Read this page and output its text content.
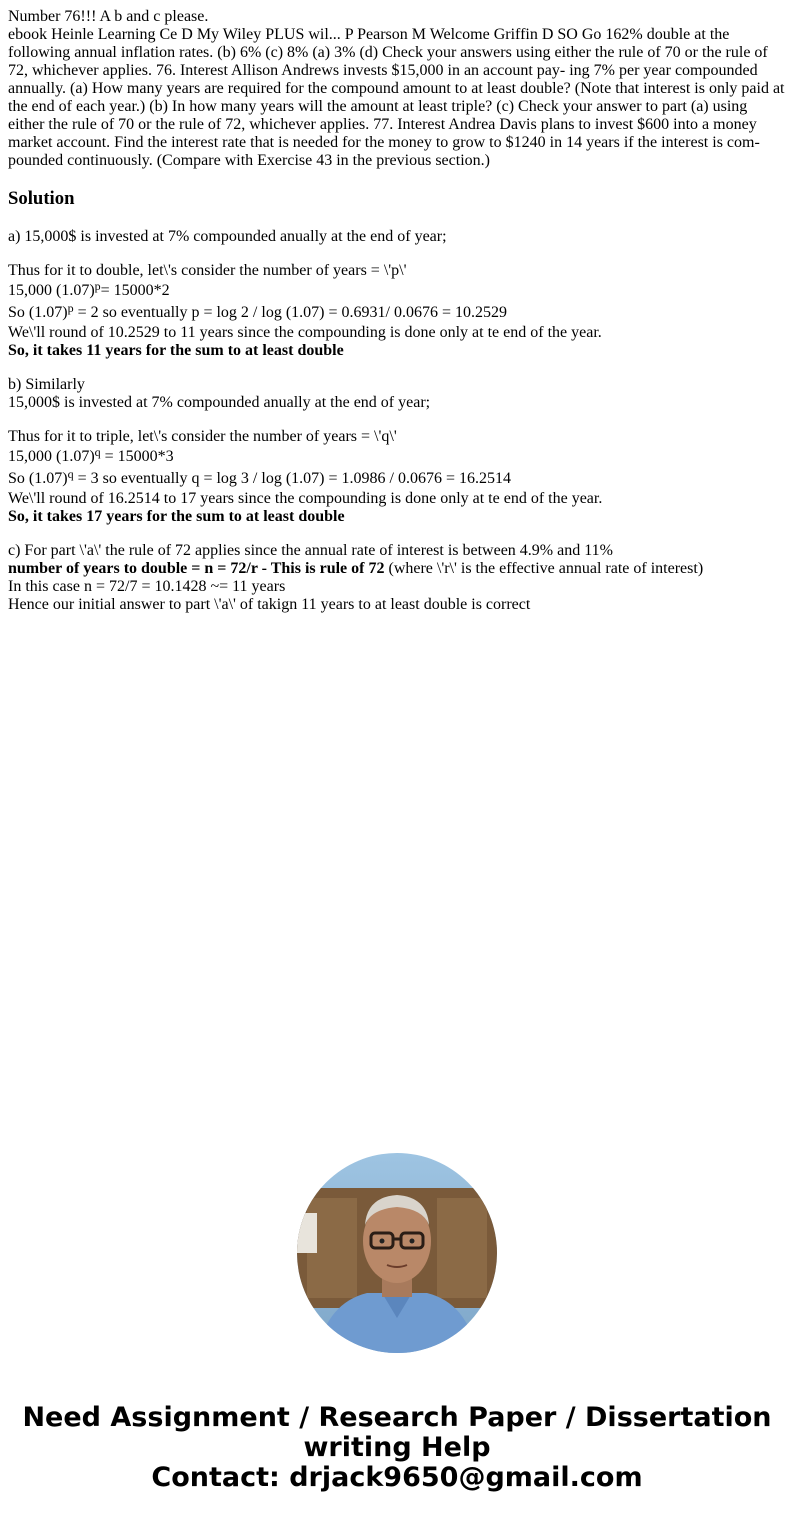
Number 76!!! A b and c please.
ebook Heinle Learning Ce D My Wiley PLUS wil... P Pearson M Welcome Griffin D SO Go 162% double at the following annual inflation rates. (b) 6% (c) 8% (a) 3% (d) Check your answers using either the rule of 70 or the rule of 72, whichever applies. 76. Interest Allison Andrews invests $15,000 in an account pay- ing 7% per year compounded annually. (a) How many years are required for the compound amount to at least double? (Note that interest is only paid at the end of each year.) (b) In how many years will the amount at least triple? (c) Check your answer to part (a) using either the rule of 70 or the rule of 72, whichever applies. 77. Interest Andrea Davis plans to invest $600 into a money market account. Find the interest rate that is needed for the money to grow to $1240 in 14 years if the interest is com- pounded continuously. (Compare with Exercise 43 in the previous section.)
Solution

a) 15,000$ is invested at 7% compounded anually at the end of year;

Thus for it to double, let\'s consider the number of years = \'p\'
15,000 $(1.07)^p= 15000*2$
So $(1.07)^p = 2$ so eventually p = log 2 / log (1.07) = 0.6931/ 0.0676 = 10.2529
We\'ll round of 10.2529 to 11 years since the compounding is done only at te end of the year.
So, it takes 11 years for the sum to at least double
b) Similarly
15,000$ is invested at 7% compounded anually at the end of year;
Thus for it to triple, let\'s consider the number of years = \'q\'
15,000 $(1.07)^q = 15000*3$
So $(1.07)^q = 3$ so eventually q = log 3 / log (1.07) = 1.0986 / 0.0676 = 16.2514
We\'ll round of 16.2514 to 17 years since the compounding is done only at te end of the year.
So, it takes 17 years for the sum to at least double
c) For part \'a\' the rule of 72 applies since the annual rate of interest is between 4.9% and 11%
number of years to double = n = 72/r - This is rule of 72 (where \'r\' is the effective annual rate of interest)
In this case n = 72/7 = 10.1428 ~= 11 years
Hence our initial answer to part \'a\' of takign 11 years to at least double is correct
Need Assignment / Research Paper / Dissertation
writing Help
Contact: drjack9650@gmail.com
